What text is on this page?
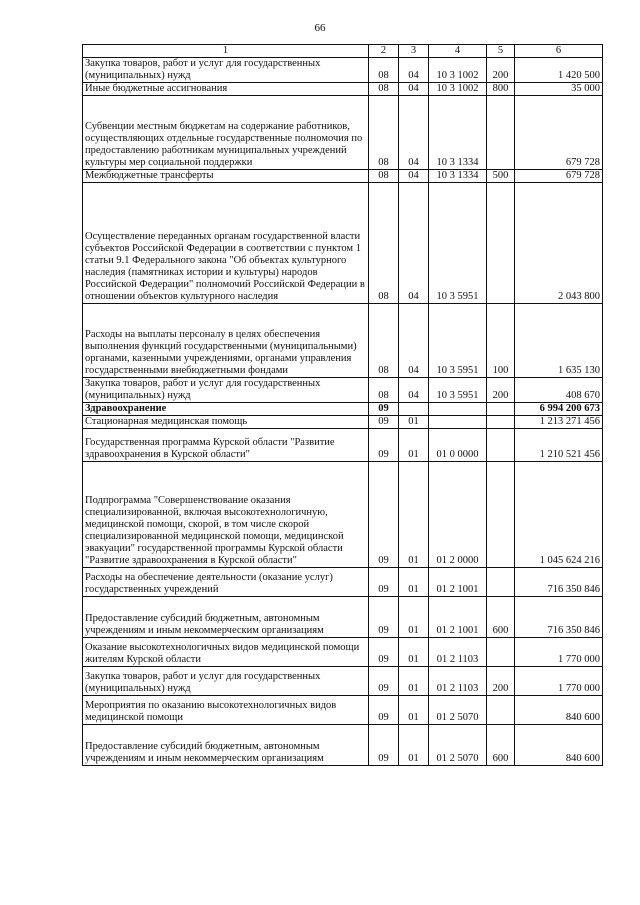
66
1	2	3	4	5	6
Закупка товаров, работ и услуг для государственных (муниципальных) нужд	08	04	10 3 1002	200	1 420 500
Иные бюджетные ассигнования	08	04	10 3 1002	800	35 000
Субвенции местным бюджетам на содержание работников, осуществляющих отдельные государственные полномочия по предоставлению работникам муниципальных учреждений культуры мер социальной поддержки	08	04	10 3 1334		679 728
Межбюджетные трансферты	08	04	10 3 1334	500	679 728
Осуществление переданных органам государственной власти субъектов Российской Федерации в соответствии с пунктом 1 статьи 9.1 Федерального закона "Об объектах культурного наследия (памятниках истории и культуры) народов Российской Федерации" полномочий Российской Федерации в отношении объектов культурного наследия	08	04	10 3 5951		2 043 800
Расходы на выплаты персоналу в целях обеспечения выполнения функций государственными (муниципальными) органами, казенными учреждениями, органами управления государственными внебюджетными фондами	08	04	10 3 5951	100	1 635 130
Закупка товаров, работ и услуг для государственных (муниципальных) нужд	08	04	10 3 5951	200	408 670
Здравоохранение	09				6 994 200 673
Стационарная медицинская помощь	09	01			1 213 271 456
Государственная программа Курской области "Развитие здравоохранения в Курской области"	09	01	01 0 0000		1 210 521 456
Подпрограмма "Совершенствование оказания специализированной, включая высокотехнологичную, медицинской помощи, скорой, в том числе скорой специализированной медицинской помощи, медицинской эвакуации" государственной программы Курской области "Развитие здравоохранения в Курской области"	09	01	01 2 0000		1 045 624 216
Расходы на обеспечение деятельности (оказание услуг) государственных учреждений	09	01	01 2 1001		716 350 846
Предоставление субсидий бюджетным, автономным учреждениям и иным некоммерческим организациям	09	01	01 2 1001	600	716 350 846
Оказание высокотехнологичных видов медицинской помощи жителям Курской области	09	01	01 2 1103		1 770 000
Закупка товаров, работ и услуг для государственных (муниципальных) нужд	09	01	01 2 1103	200	1 770 000
Мероприятия по оказанию высокотехнологичных видов медицинской помощи	09	01	01 2 5070		840 600
Предоставление субсидий бюджетным, автономным учреждениям и иным некоммерческим организациям	09	01	01 2 5070	600	840 600
